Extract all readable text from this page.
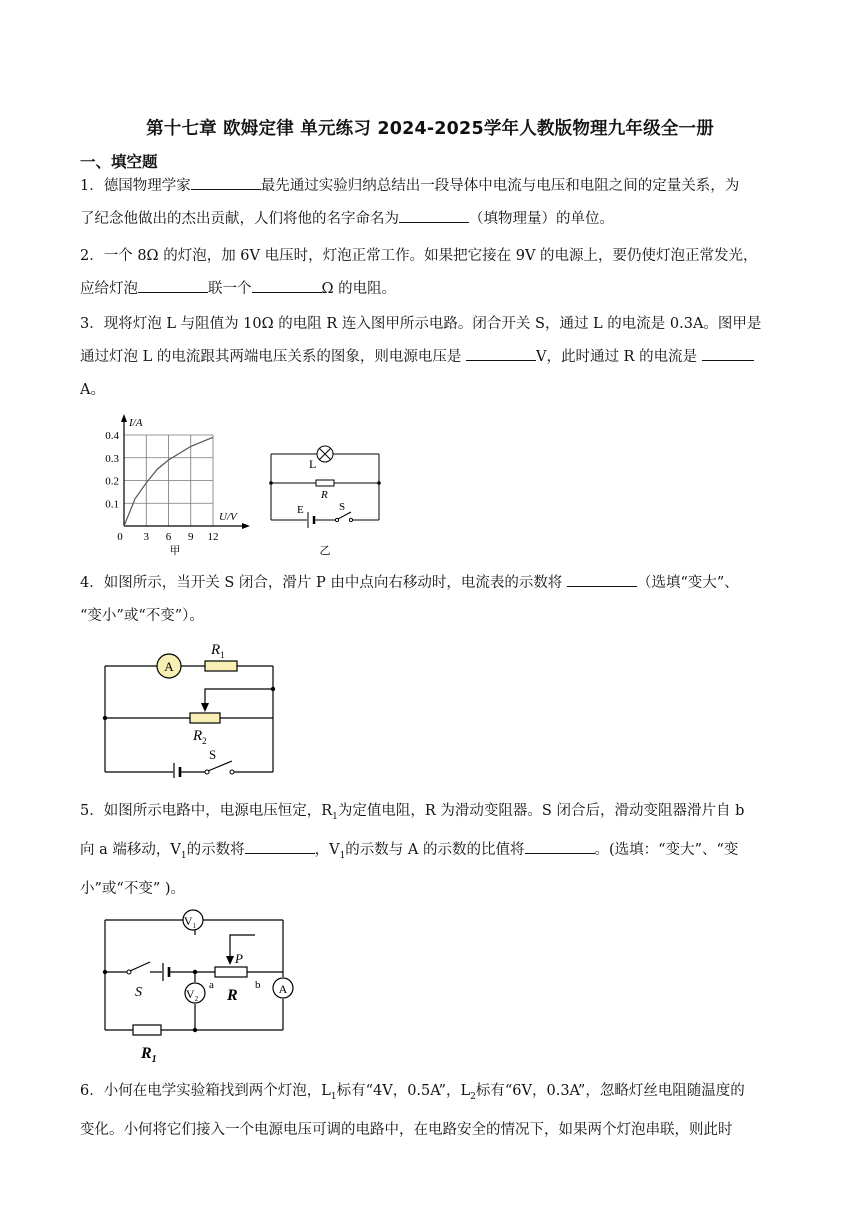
第十七章 欧姆定律 单元练习 2024-2025学年人教版物理九年级全一册
一、填空题

1．德国物理学家	最先通过实验归纳总结出一段导体中电流与电压和电阻之间的定量关系，为

了纪念他做出的杰出贡献，人们将他的名字命名为	（填物理量）的单位。

2．一个 8Ω 的灯泡，加 6V 电压时，灯泡正常工作。如果把它接在 9V 的电源上，要仍使灯泡正常发光，

应给灯泡	联一个	Ω 的电阻。

3．现将灯泡 L 与阻值为 10Ω 的电阻 R 连入图甲所示电路。闭合开关 S，通过 L 的电流是 0.3A。图甲是

通过灯泡 L 的电流跟其两端电压关系的图象，则电源电压是	V，此时通过 R 的电流是

A。

I/A
U/V
0.4
0.3
0.2
0.1
0 3 6 9 12
甲
L
R
E	S
乙

4．如图所示，当开关 S 闭合，滑片 P 由中点向右移动时，电流表的示数将	（选填“变大”、

“变小”或“不变”）。

A
$R_1$
$R_2$
S

5．如图所示电路中，电源电压恒定，$R_1$为定值电阻，R 为滑动变阻器。S 闭合后，滑动变阻器滑片自 b

向 a 端移动，$V_1$的示数将	，$V_1$的示数与 A 的示数的比值将	。(选填：“变大”、“变

小”或“不变” )。

$V_1$
$V_2$
A
S
P
R
a	b
$R_1$

6．小何在电学实验箱找到两个灯泡，$L_1$标有“4V，0.5A”，$L_2$标有“6V，0.3A”，忽略灯丝电阻随温度的

变化。小何将它们接入一个电源电压可调的电路中，在电路安全的情况下，如果两个灯泡串联，则此时
